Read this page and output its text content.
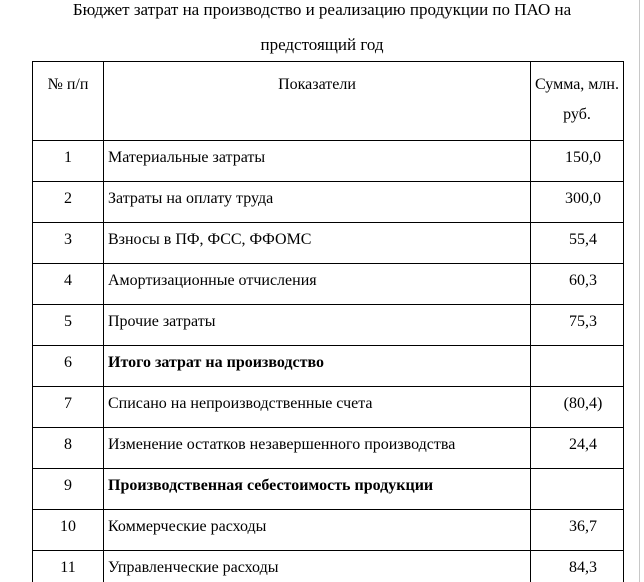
Бюджет затрат на производство и реализацию продукции по ПАО на
предстоящий год
№ п/п	Показатели	Сумма, млн.
руб.

1	Материальные затраты	150,0

2	Затраты на оплату труда	300,0

3	Взносы в ПФ, ФСС, ФФОМС	55,4

4	Амортизационные отчисления	60,3

5	Прочие затраты	75,3

6	Итого затрат на производство	

7	Списано на непроизводственные счета	(80,4)

8	Изменение остатков незавершенного производства	24,4

9	Производственная себестоимость продукции	

10	Коммерческие расходы	36,7

11	Управленческие расходы	84,3
